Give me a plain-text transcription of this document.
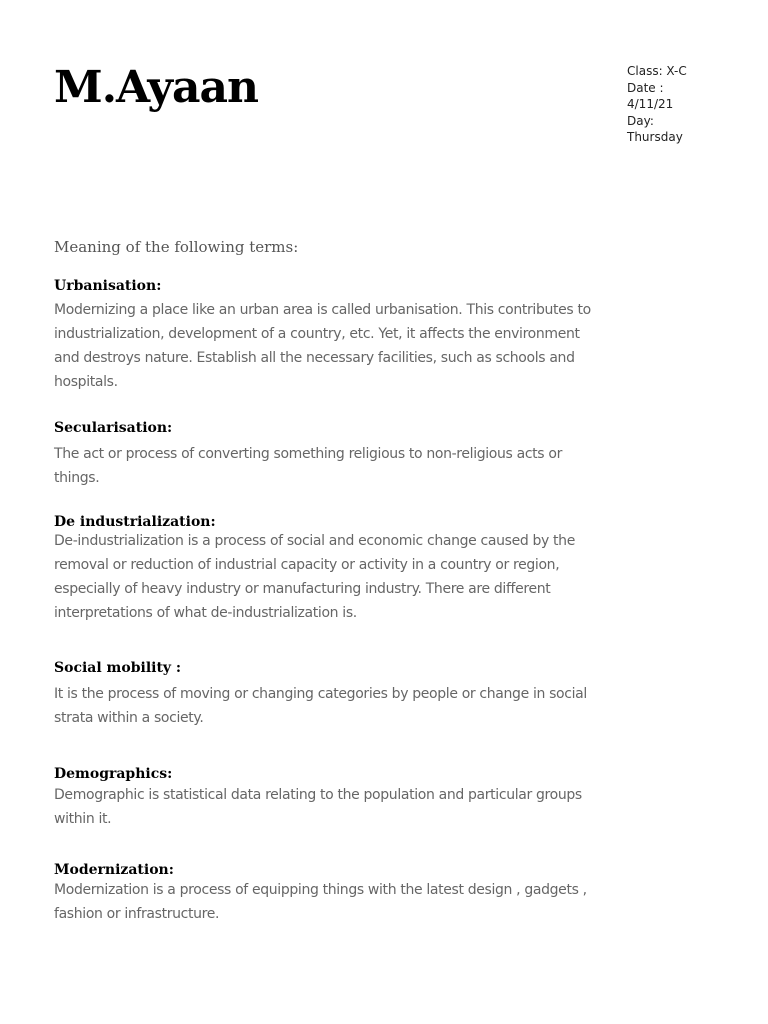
M.Ayaan	Class: X-C
Date :
4/11/21
Day:
Thursday
Meaning of the following terms:
Urbanisation:

Modernizing a place like an urban area is called urbanisation. This contributes to industrialization, development of a country, etc. Yet, it affects the environment and destroys nature. Establish all the necessary facilities, such as schools and hospitals.

Secularisation:

The act or process of converting something religious to non-religious acts or things.

De industrialization:

De-industrialization is a process of social and economic change caused by the removal or reduction of industrial capacity or activity in a country or region, especially of heavy industry or manufacturing industry. There are different interpretations of what de-industrialization is.

Social mobility :

It is the process of moving or changing categories by people or change in social strata within a society.

Demographics:

Demographic is statistical data relating to the population and particular groups within it.

Modernization:

Modernization is a process of equipping things with the latest design , gadgets , fashion or infrastructure.
